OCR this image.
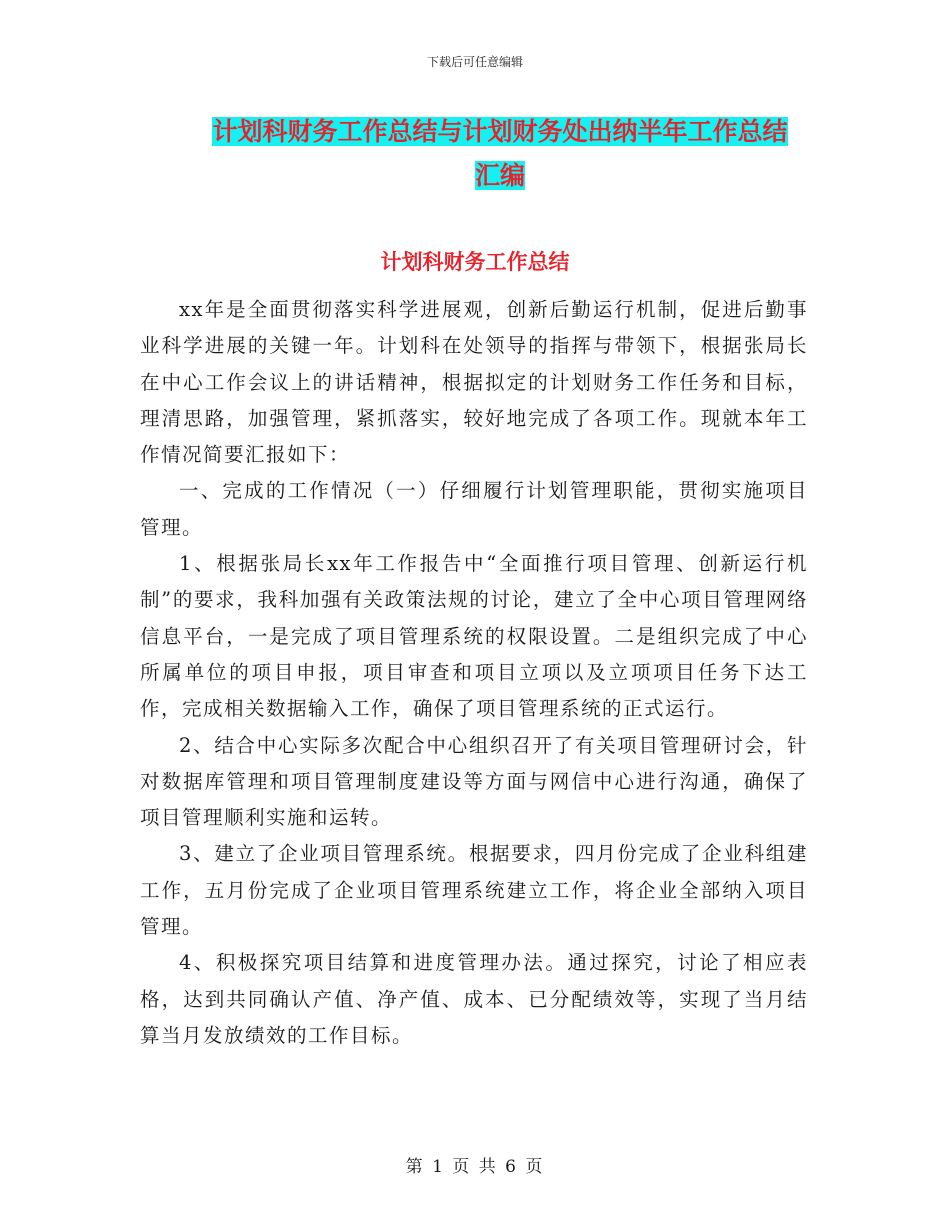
下载后可任意编辑
计划科财务工作总结与计划财务处出纳半年工作总结
汇编
计划科财务工作总结

xx年是全面贯彻落实科学进展观，创新后勤运行机制，促进后勤事业科学进展的关键一年。计划科在处领导的指挥与带领下，根据张局长在中心工作会议上的讲话精神，根据拟定的计划财务工作任务和目标，理清思路，加强管理，紧抓落实，较好地完成了各项工作。现就本年工作情况简要汇报如下：

一、完成的工作情况（一）仔细履行计划管理职能，贯彻实施项目管理。

1、根据张局长xx年工作报告中“全面推行项目管理、创新运行机制”的要求，我科加强有关政策法规的讨论，建立了全中心项目管理网络信息平台，一是完成了项目管理系统的权限设置。二是组织完成了中心所属单位的项目申报，项目审查和项目立项以及立项项目任务下达工作，完成相关数据输入工作，确保了项目管理系统的正式运行。

2、结合中心实际多次配合中心组织召开了有关项目管理研讨会，针对数据库管理和项目管理制度建设等方面与网信中心进行沟通，确保了项目管理顺利实施和运转。

3、建立了企业项目管理系统。根据要求，四月份完成了企业科组建工作，五月份完成了企业项目管理系统建立工作，将企业全部纳入项目管理。

4、积极探究项目结算和进度管理办法。通过探究，讨论了相应表格，达到共同确认产值、净产值、成本、已分配绩效等，实现了当月结算当月发放绩效的工作目标。

第 1 页 共 6 页
